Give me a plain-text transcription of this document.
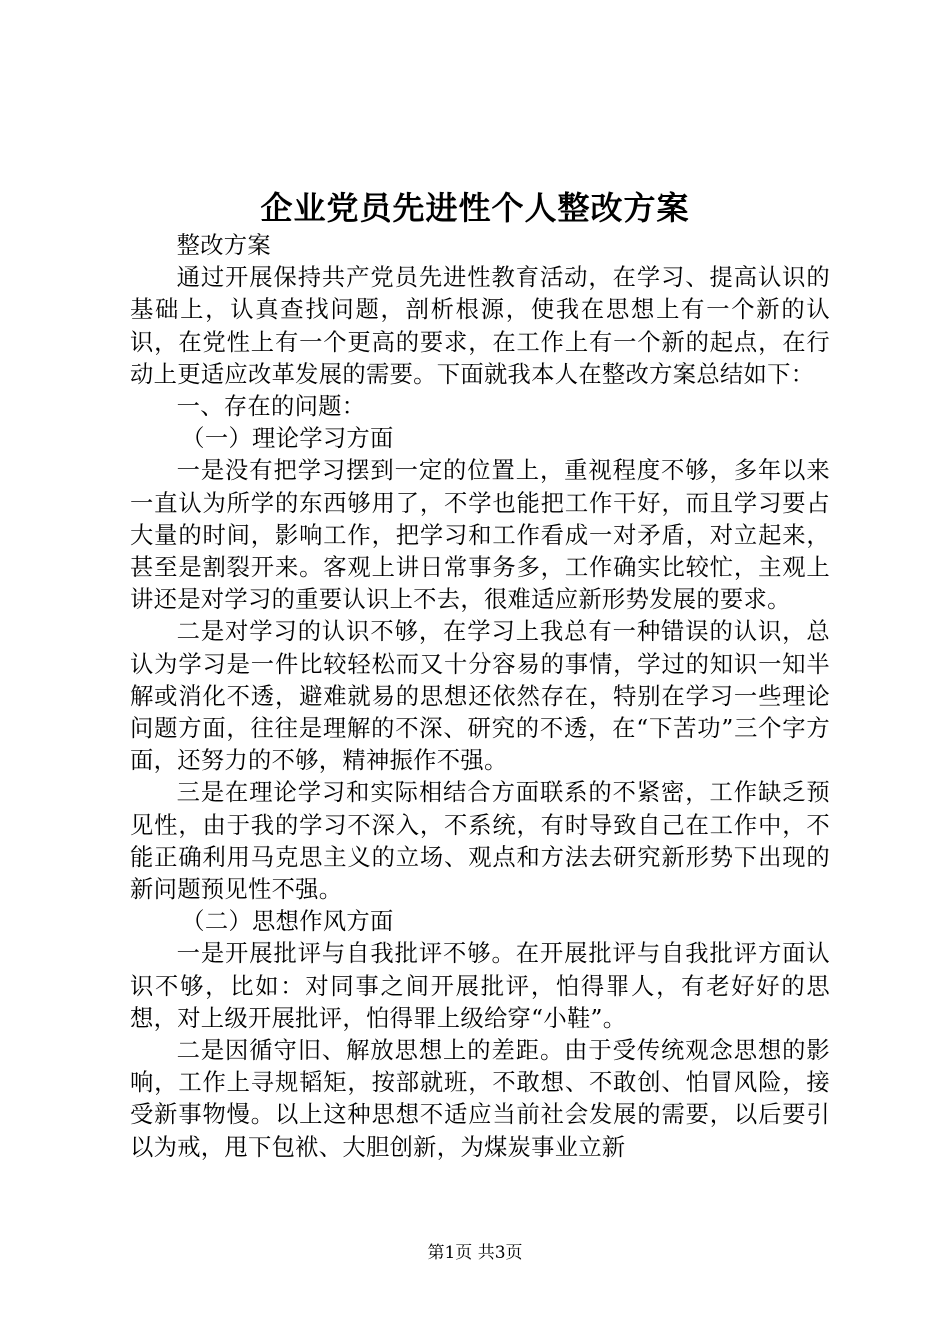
企业党员先进性个人整改方案

整改方案

通过开展保持共产党员先进性教育活动，在学习、提高认识的基础上，认真查找问题，剖析根源，使我在思想上有一个新的认识，在党性上有一个更高的要求，在工作上有一个新的起点，在行动上更适应改革发展的需要。下面就我本人在整改方案总结如下：

一、存在的问题：

（一）理论学习方面

一是没有把学习摆到一定的位置上，重视程度不够，多年以来一直认为所学的东西够用了，不学也能把工作干好，而且学习要占大量的时间，影响工作，把学习和工作看成一对矛盾，对立起来，甚至是割裂开来。客观上讲日常事务多，工作确实比较忙，主观上讲还是对学习的重要认识上不去，很难适应新形势发展的要求。

二是对学习的认识不够，在学习上我总有一种错误的认识，总认为学习是一件比较轻松而又十分容易的事情，学过的知识一知半解或消化不透，避难就易的思想还依然存在，特别在学习一些理论问题方面，往往是理解的不深、研究的不透，在“下苦功”三个字方面，还努力的不够，精神振作不强。

三是在理论学习和实际相结合方面联系的不紧密，工作缺乏预见性，由于我的学习不深入，不系统，有时导致自己在工作中，不能正确利用马克思主义的立场、观点和方法去研究新形势下出现的新问题预见性不强。

（二）思想作风方面

一是开展批评与自我批评不够。在开展批评与自我批评方面认识不够，比如：对同事之间开展批评，怕得罪人，有老好好的思想，对上级开展批评，怕得罪上级给穿“小鞋”。

二是因循守旧、解放思想上的差距。由于受传统观念思想的影响，工作上寻规韬矩，按部就班，不敢想、不敢创、怕冒风险，接受新事物慢。以上这种思想不适应当前社会发展的需要，以后要引以为戒，甩下包袱、大胆创新，为煤炭事业立新

第1页 共3页
